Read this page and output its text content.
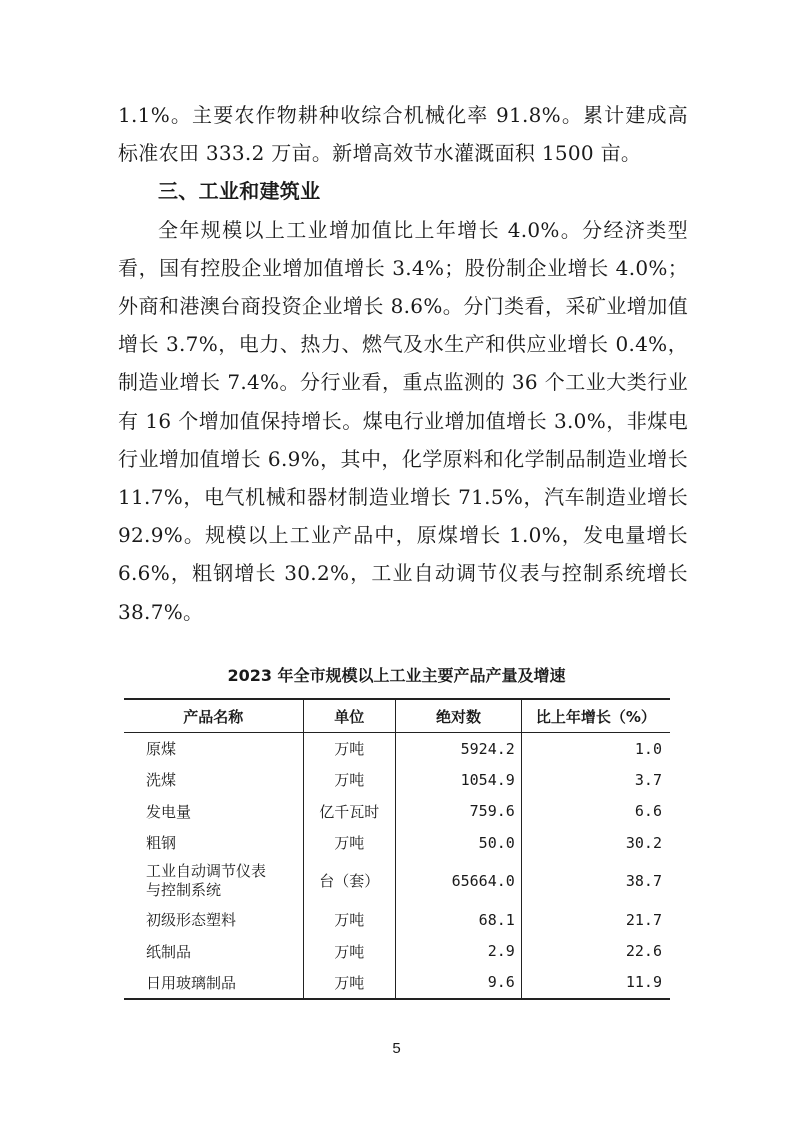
1.1%。主要农作物耕种收综合机械化率 91.8%。累计建成高标准农田 333.2 万亩。新增高效节水灌溉面积 1500 亩。

三、工业和建筑业

全年规模以上工业增加值比上年增长 4.0%。分经济类型看，国有控股企业增加值增长 3.4%；股份制企业增长 4.0%；外商和港澳台商投资企业增长 8.6%。分门类看，采矿业增加值增长 3.7%，电力、热力、燃气及水生产和供应业增长 0.4%，制造业增长 7.4%。分行业看，重点监测的 36 个工业大类行业有 16 个增加值保持增长。煤电行业增加值增长 3.0%，非煤电行业增加值增长 6.9%，其中，化学原料和化学制品制造业增长 11.7%，电气机械和器材制造业增长 71.5%，汽车制造业增长 92.9%。规模以上工业产品中，原煤增长 1.0%，发电量增长 6.6%，粗钢增长 30.2%，工业自动调节仪表与控制系统增长 38.7%。

2023 年全市规模以上工业主要产品产量及增速
产品名称	单位	绝对数	比上年增长（%）
原煤	万吨	5924.2	1.0
洗煤	万吨	1054.9	3.7
发电量	亿千瓦时	759.6	6.6
粗钢	万吨	50.0	30.2
工业自动调节仪表
与控制系统	台（套）	65664.0	38.7
初级形态塑料	万吨	68.1	21.7
纸制品	万吨	2.9	22.6
日用玻璃制品	万吨	9.6	11.9
5
